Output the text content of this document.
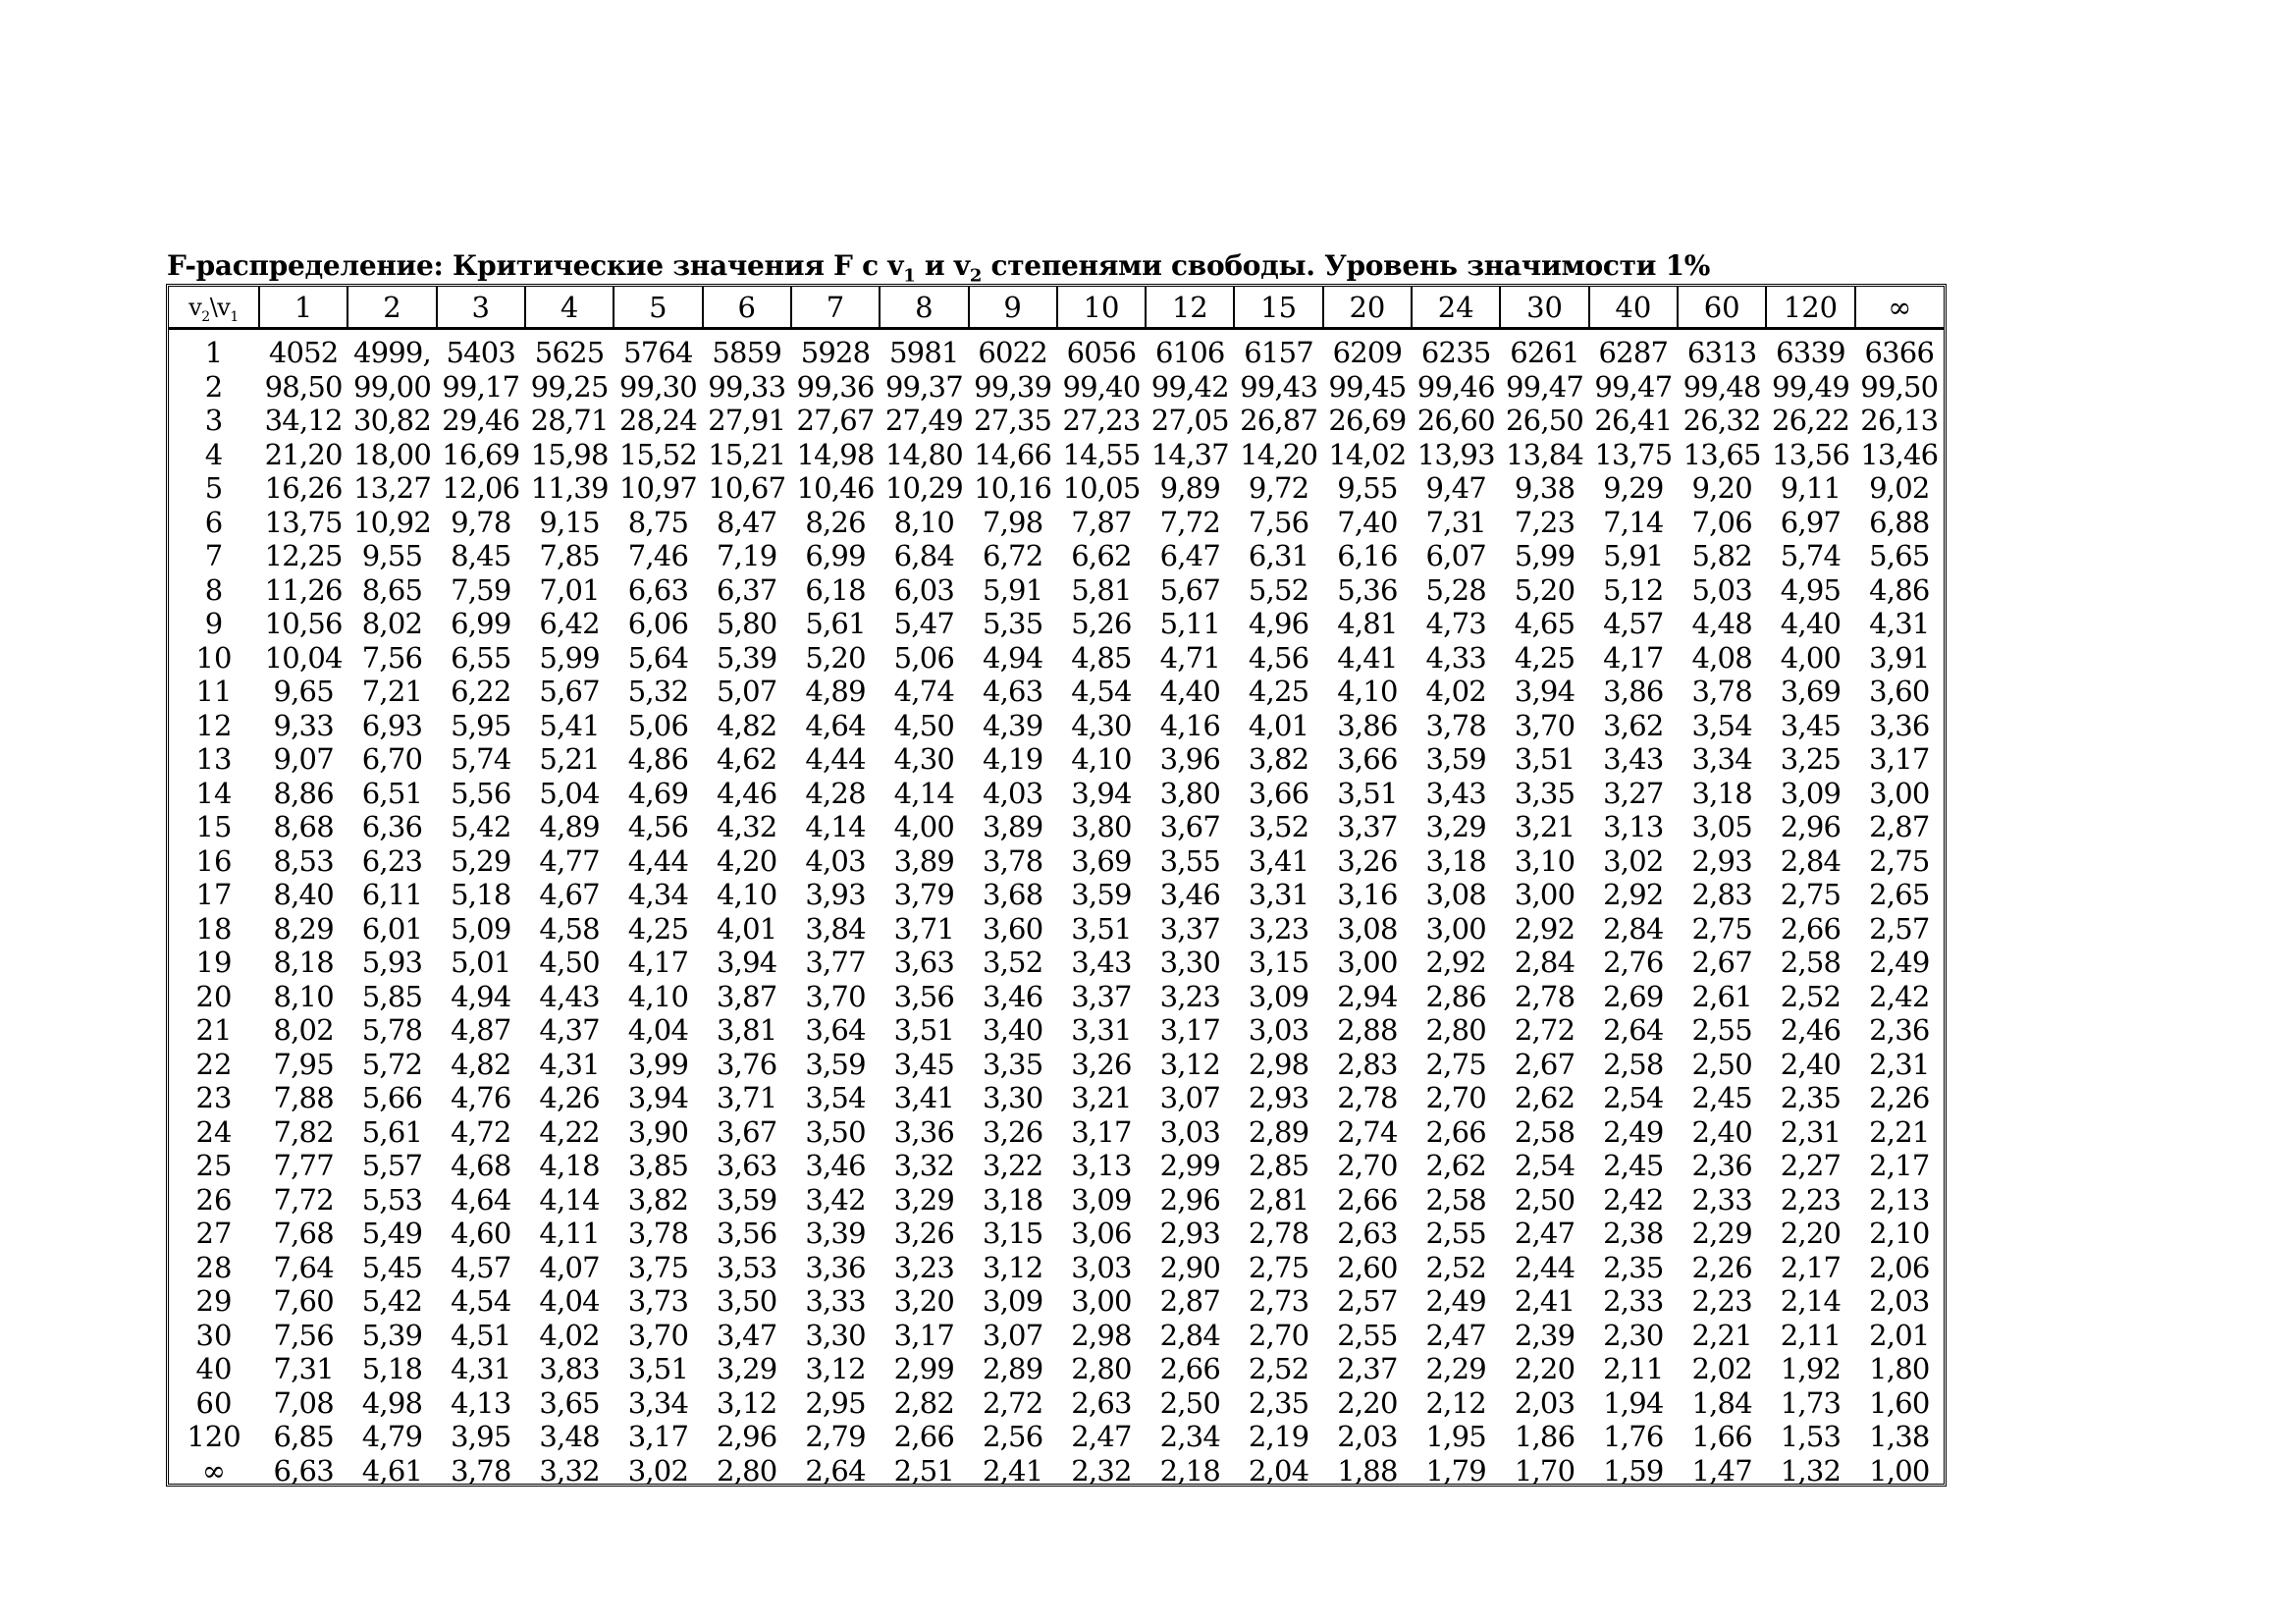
F-распределение: Критические значения F с $v_1$ и $v_2$ степенями свободы. Уровень значимости 1%
$v_2\backslash v_1$	1	2	3	4	5	6	7	8	9	10	12	15	20	24	30	40	60	120	∞
1	4052	4999,	5403	5625	5764	5859	5928	5981	6022	6056	6106	6157	6209	6235	6261	6287	6313	6339	6366
2	98,50	99,00	99,17	99,25	99,30	99,33	99,36	99,37	99,39	99,40	99,42	99,43	99,45	99,46	99,47	99,47	99,48	99,49	99,50
3	34,12	30,82	29,46	28,71	28,24	27,91	27,67	27,49	27,35	27,23	27,05	26,87	26,69	26,60	26,50	26,41	26,32	26,22	26,13
4	21,20	18,00	16,69	15,98	15,52	15,21	14,98	14,80	14,66	14,55	14,37	14,20	14,02	13,93	13,84	13,75	13,65	13,56	13,46
5	16,26	13,27	12,06	11,39	10,97	10,67	10,46	10,29	10,16	10,05	9,89	9,72	9,55	9,47	9,38	9,29	9,20	9,11	9,02
6	13,75	10,92	9,78	9,15	8,75	8,47	8,26	8,10	7,98	7,87	7,72	7,56	7,40	7,31	7,23	7,14	7,06	6,97	6,88
7	12,25	9,55	8,45	7,85	7,46	7,19	6,99	6,84	6,72	6,62	6,47	6,31	6,16	6,07	5,99	5,91	5,82	5,74	5,65
8	11,26	8,65	7,59	7,01	6,63	6,37	6,18	6,03	5,91	5,81	5,67	5,52	5,36	5,28	5,20	5,12	5,03	4,95	4,86
9	10,56	8,02	6,99	6,42	6,06	5,80	5,61	5,47	5,35	5,26	5,11	4,96	4,81	4,73	4,65	4,57	4,48	4,40	4,31
10	10,04	7,56	6,55	5,99	5,64	5,39	5,20	5,06	4,94	4,85	4,71	4,56	4,41	4,33	4,25	4,17	4,08	4,00	3,91
11	9,65	7,21	6,22	5,67	5,32	5,07	4,89	4,74	4,63	4,54	4,40	4,25	4,10	4,02	3,94	3,86	3,78	3,69	3,60
12	9,33	6,93	5,95	5,41	5,06	4,82	4,64	4,50	4,39	4,30	4,16	4,01	3,86	3,78	3,70	3,62	3,54	3,45	3,36
13	9,07	6,70	5,74	5,21	4,86	4,62	4,44	4,30	4,19	4,10	3,96	3,82	3,66	3,59	3,51	3,43	3,34	3,25	3,17
14	8,86	6,51	5,56	5,04	4,69	4,46	4,28	4,14	4,03	3,94	3,80	3,66	3,51	3,43	3,35	3,27	3,18	3,09	3,00
15	8,68	6,36	5,42	4,89	4,56	4,32	4,14	4,00	3,89	3,80	3,67	3,52	3,37	3,29	3,21	3,13	3,05	2,96	2,87
16	8,53	6,23	5,29	4,77	4,44	4,20	4,03	3,89	3,78	3,69	3,55	3,41	3,26	3,18	3,10	3,02	2,93	2,84	2,75
17	8,40	6,11	5,18	4,67	4,34	4,10	3,93	3,79	3,68	3,59	3,46	3,31	3,16	3,08	3,00	2,92	2,83	2,75	2,65
18	8,29	6,01	5,09	4,58	4,25	4,01	3,84	3,71	3,60	3,51	3,37	3,23	3,08	3,00	2,92	2,84	2,75	2,66	2,57
19	8,18	5,93	5,01	4,50	4,17	3,94	3,77	3,63	3,52	3,43	3,30	3,15	3,00	2,92	2,84	2,76	2,67	2,58	2,49
20	8,10	5,85	4,94	4,43	4,10	3,87	3,70	3,56	3,46	3,37	3,23	3,09	2,94	2,86	2,78	2,69	2,61	2,52	2,42
21	8,02	5,78	4,87	4,37	4,04	3,81	3,64	3,51	3,40	3,31	3,17	3,03	2,88	2,80	2,72	2,64	2,55	2,46	2,36
22	7,95	5,72	4,82	4,31	3,99	3,76	3,59	3,45	3,35	3,26	3,12	2,98	2,83	2,75	2,67	2,58	2,50	2,40	2,31
23	7,88	5,66	4,76	4,26	3,94	3,71	3,54	3,41	3,30	3,21	3,07	2,93	2,78	2,70	2,62	2,54	2,45	2,35	2,26
24	7,82	5,61	4,72	4,22	3,90	3,67	3,50	3,36	3,26	3,17	3,03	2,89	2,74	2,66	2,58	2,49	2,40	2,31	2,21
25	7,77	5,57	4,68	4,18	3,85	3,63	3,46	3,32	3,22	3,13	2,99	2,85	2,70	2,62	2,54	2,45	2,36	2,27	2,17
26	7,72	5,53	4,64	4,14	3,82	3,59	3,42	3,29	3,18	3,09	2,96	2,81	2,66	2,58	2,50	2,42	2,33	2,23	2,13
27	7,68	5,49	4,60	4,11	3,78	3,56	3,39	3,26	3,15	3,06	2,93	2,78	2,63	2,55	2,47	2,38	2,29	2,20	2,10
28	7,64	5,45	4,57	4,07	3,75	3,53	3,36	3,23	3,12	3,03	2,90	2,75	2,60	2,52	2,44	2,35	2,26	2,17	2,06
29	7,60	5,42	4,54	4,04	3,73	3,50	3,33	3,20	3,09	3,00	2,87	2,73	2,57	2,49	2,41	2,33	2,23	2,14	2,03
30	7,56	5,39	4,51	4,02	3,70	3,47	3,30	3,17	3,07	2,98	2,84	2,70	2,55	2,47	2,39	2,30	2,21	2,11	2,01
40	7,31	5,18	4,31	3,83	3,51	3,29	3,12	2,99	2,89	2,80	2,66	2,52	2,37	2,29	2,20	2,11	2,02	1,92	1,80
60	7,08	4,98	4,13	3,65	3,34	3,12	2,95	2,82	2,72	2,63	2,50	2,35	2,20	2,12	2,03	1,94	1,84	1,73	1,60
120	6,85	4,79	3,95	3,48	3,17	2,96	2,79	2,66	2,56	2,47	2,34	2,19	2,03	1,95	1,86	1,76	1,66	1,53	1,38
∞	6,63	4,61	3,78	3,32	3,02	2,80	2,64	2,51	2,41	2,32	2,18	2,04	1,88	1,79	1,70	1,59	1,47	1,32	1,00
